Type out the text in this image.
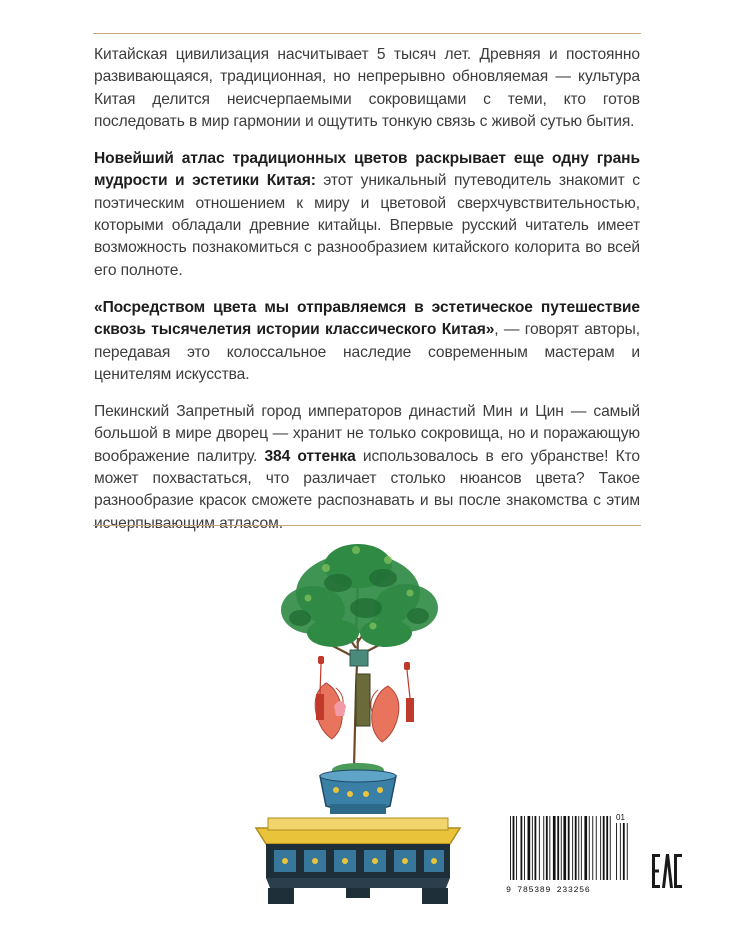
Китайская цивилизация насчитывает 5 тысяч лет. Древняя и постоянно развивающаяся, традиционная, но непрерывно обновляемая — культура Китая делится неисчерпаемыми сокровищами с теми, кто готов последовать в мир гармонии и ощутить тонкую связь с живой сутью бытия.

Новейший атлас традиционных цветов раскрывает еще одну грань мудрости и эстетики Китая: этот уникальный путеводитель знакомит с поэтическим отношением к миру и цветовой сверхчувствительностью, которыми обладали древние китайцы. Впервые русский читатель имеет возможность познакомиться с разнообразием китайского колорита во всей его полноте.

«Посредством цвета мы отправляемся в эстетическое путешествие сквозь тысячелетия истории классического Китая», — говорят авторы, передавая это колоссальное наследие современным мастерам и ценителям искусства.

Пекинский Запретный город императоров династий Мин и Цин — самый большой в мире дворец — хранит не только сокровища, но и поражающую воображение палитру. 384 оттенка использовалось в его убранстве! Кто может похвастаться, что различает столько нюансов цвета? Такое разнообразие красок сможете распознавать и вы после знакомства с этим исчерпывающим атласом.

01
9 785389 233256
